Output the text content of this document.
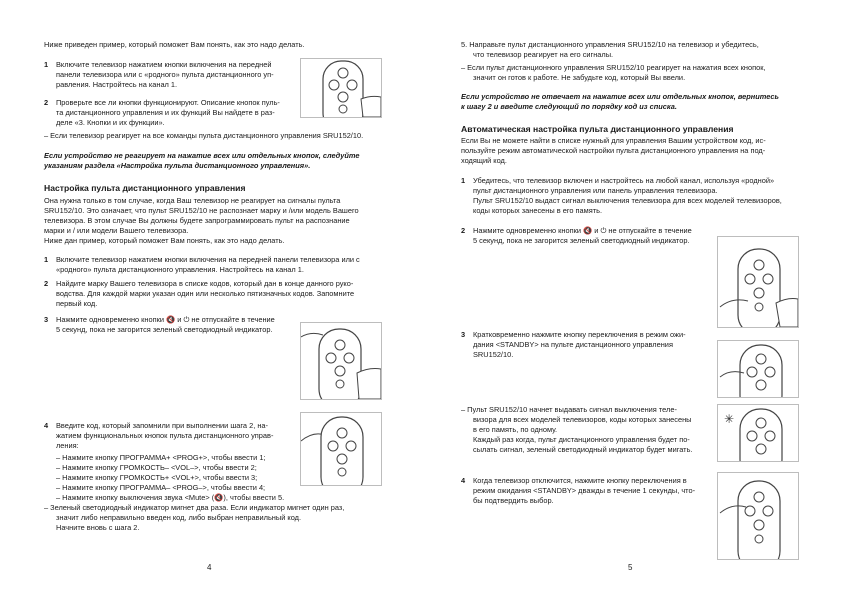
Ниже приведен пример, который поможет Вам понять, как это надо делать.

1 Включите телевизор нажатием кнопки включения на передней

панели телевизора или с «родного» пульта дистанционного уп-

равления. Настройтесь на канал 1.

2 Проверьте все ли кнопки функционируют. Описание кнопок пуль-

та дистанционного управления и их функций Вы найдете в раз-

деле «3. Кнопки и их функции».

– Если телевизор реагирует на все команды пульта дистанционного управления SRU152/10.

Если устройство не реагирует на нажатие всех или отдельных кнопок, следуйте

указаниям раздела «Настройка пульта дистанционного управления».

Настройка пульта дистанционного управления

Она нужна только в том случае, когда Ваш телевизор не реагирует на сигналы пульта

SRU152/10. Это означает, что пульт SRU152/10 не распознает марку и /или модель Вашего

телевизора. В этом случае Вы должны будете запрограммировать пульт на распознание

марки и / или модели Вашего телевизора.

Ниже дан пример, который поможет Вам понять, как это надо делать.

1 Включите телевизор нажатием кнопки включения на передней панели телевизора или с

«родного» пульта дистанционного управления. Настройтесь на канал 1.

2 Найдите марку Вашего телевизора в списке кодов, который дан в конце данного руко-

водства. Для каждой марки указан один или несколько пятизначных кодов. Запомните

первый код.

3 Нажмите одновременно кнопки 🔇 и ⏻ не отпускайте в течение

5 секунд, пока не загорится зеленый светодиодный индикатор.

4 Введите код, который запомнили при выполнении шага 2, на-

жатием функциональных кнопок пульта дистанционного управ-

ления:

– Нажмите кнопку ПРОГРАММА+ <PROG+>, чтобы ввести 1;

– Нажмите кнопку ГРОМКОСТЬ– <VOL–>, чтобы ввести 2;

– Нажмите кнопку ГРОМКОСТЬ+ <VOL+>, чтобы ввести 3;

– Нажмите кнопку ПРОГРАММА– <PROG–>, чтобы ввести 4;

– Нажмите кнопку выключения звука <Mute> (🔇), чтобы ввести 5.

– Зеленый светодиодный индикатор мигнет два раза. Если индикатор мигнет один раз,

значит либо неправильно введен код, либо выбран неправильный код.

Начните вновь с шага 2.

4

5. Направьте пульт дистанционного управления SRU152/10 на телевизор и убедитесь,

что телевизор реагирует на его сигналы.

– Если пульт дистанционного управления SRU152/10 реагирует на нажатия всех кнопок,

значит он готов к работе. Не забудьте код, который Вы ввели.

Если устройство не отвечает на нажатие всех или отдельных кнопок, вернитесь

к шагу 2 и введите следующий по порядку код из списка.

Автоматическая настройка пульта дистанционного управления

Если Вы не можете найти в списке нужный для управления Вашим устройством код, ис-

пользуйте режим автоматической настройки пульта дистанционного управления на под-

ходящий код.

1 Убедитесь, что телевизор включен и настройтесь на любой канал, используя «родной»

пульт дистанционного управления или панель управления телевизора.

Пульт SRU152/10 выдаст сигнал выключения телевизора для всех моделей телевизоров,

коды которых занесены в его память.

2 Нажмите одновременно кнопки 🔇 и ⏻ не отпускайте в течение

5 секунд, пока не загорится зеленый светодиодный индикатор.

3 Кратковременно нажмите кнопку переключения в режим ожи-

дания <STANDBY> на пульте дистанционного управления

SRU152/10.

– Пульт SRU152/10 начнет выдавать сигнал выключения теле-

визора для всех моделей телевизоров, коды которых занесены

в его память, по одному.

Каждый раз когда, пульт дистанционного управления будет по-

сылать сигнал, зеленый светодиодный индикатор будет мигать.

✳
4 Когда телевизор отключится, нажмите кнопку переключения в

режим ожидания <STANDBY> дважды в течение 1 секунды, что-

бы подтвердить выбор.

5
